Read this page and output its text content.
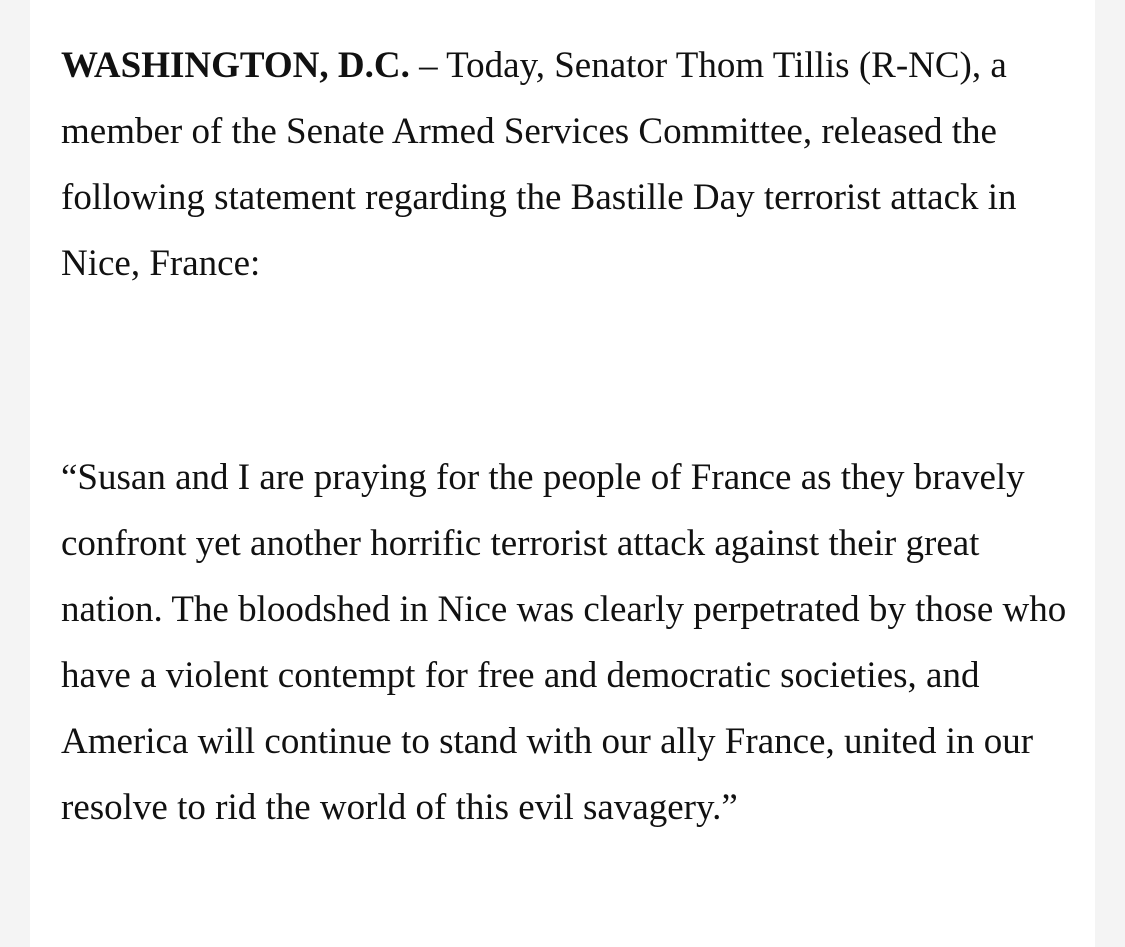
WASHINGTON, D.C. – Today, Senator Thom Tillis (R-NC), a member of the Senate Armed Services Committee, released the following statement regarding the Bastille Day terrorist attack in Nice, France:

“Susan and I are praying for the people of France as they bravely confront yet another horrific terrorist attack against their great nation. The bloodshed in Nice was clearly perpetrated by those who have a violent contempt for free and democratic societies, and America will continue to stand with our ally France, united in our resolve to rid the world of this evil savagery.”
